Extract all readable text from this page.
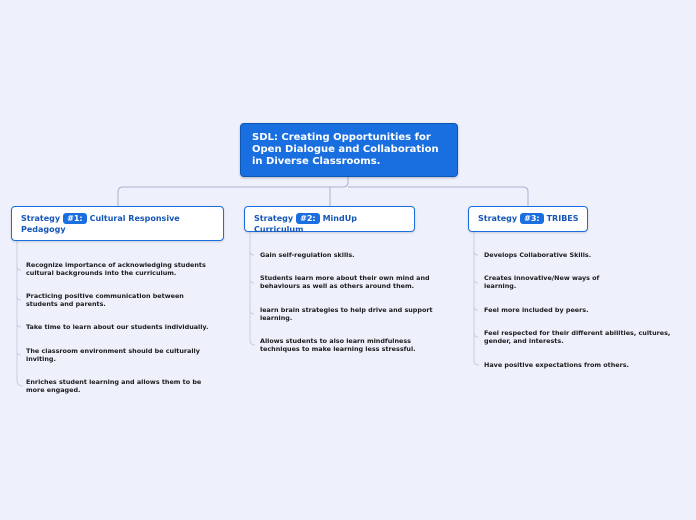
SDL: Creating Opportunities for Open Dialogue and Collaboration in Diverse Classrooms.
Strategy #1: Cultural Responsive Pedagogy
Strategy #2: MindUp Curriculum
Strategy #3: TRIBES
Recognize importance of acknowledging students cultural backgrounds into the curriculum.
Practicing positive communication between students and parents.
Take time to learn about our students individually.
The classroom environment should be culturally inviting.
Enriches student learning and allows them to be more engaged.
Gain self-regulation skills.
Students learn more about their own mind and behaviours as well as others around them.
learn brain strategies to help drive and support learning.
Allows students to also learn mindfulness techniques to make learning less stressful.
Develops Collaborative Skills.
Creates innovative/New ways of learning.
Feel more included by peers.
Feel respected for their different abilities, cultures, gender, and interests.
Have positive expectations from others.
